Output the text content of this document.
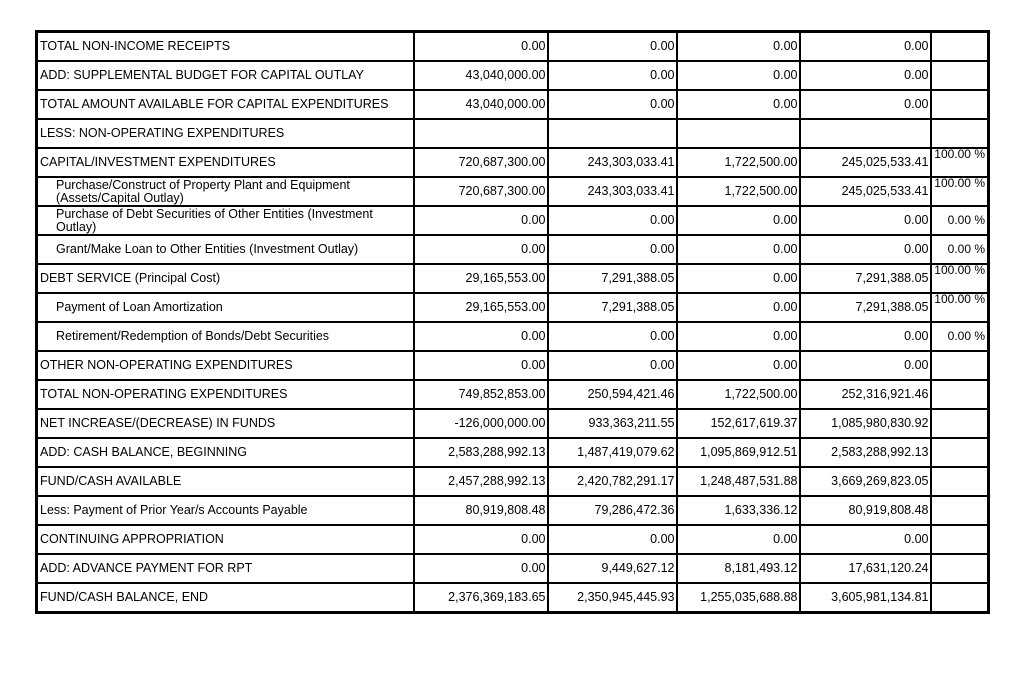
TOTAL NON-INCOME RECEIPTS	0.00	0.00	0.00	0.00	
ADD: SUPPLEMENTAL BUDGET FOR CAPITAL OUTLAY	43,040,000.00	0.00	0.00	0.00	
TOTAL AMOUNT AVAILABLE FOR CAPITAL EXPENDITURES	43,040,000.00	0.00	0.00	0.00	
LESS: NON-OPERATING EXPENDITURES					
CAPITAL/INVESTMENT EXPENDITURES	720,687,300.00	243,303,033.41	1,722,500.00	245,025,533.41	100.00 %
Purchase/Construct of Property Plant and Equipment (Assets/Capital Outlay)	720,687,300.00	243,303,033.41	1,722,500.00	245,025,533.41	100.00 %
Purchase of Debt Securities of Other Entities (Investment Outlay)	0.00	0.00	0.00	0.00	0.00 %
Grant/Make Loan to Other Entities (Investment Outlay)	0.00	0.00	0.00	0.00	0.00 %
DEBT SERVICE (Principal Cost)	29,165,553.00	7,291,388.05	0.00	7,291,388.05	100.00 %
Payment of Loan Amortization	29,165,553.00	7,291,388.05	0.00	7,291,388.05	100.00 %
Retirement/Redemption of Bonds/Debt Securities	0.00	0.00	0.00	0.00	0.00 %
OTHER NON-OPERATING EXPENDITURES	0.00	0.00	0.00	0.00	
TOTAL NON-OPERATING EXPENDITURES	749,852,853.00	250,594,421.46	1,722,500.00	252,316,921.46	
NET INCREASE/(DECREASE) IN FUNDS	-126,000,000.00	933,363,211.55	152,617,619.37	1,085,980,830.92	
ADD: CASH BALANCE, BEGINNING	2,583,288,992.13	1,487,419,079.62	1,095,869,912.51	2,583,288,992.13	
FUND/CASH AVAILABLE	2,457,288,992.13	2,420,782,291.17	1,248,487,531.88	3,669,269,823.05	
Less: Payment of Prior Year/s Accounts Payable	80,919,808.48	79,286,472.36	1,633,336.12	80,919,808.48	
CONTINUING APPROPRIATION	0.00	0.00	0.00	0.00	
ADD: ADVANCE PAYMENT FOR RPT	0.00	9,449,627.12	8,181,493.12	17,631,120.24	
FUND/CASH BALANCE, END	2,376,369,183.65	2,350,945,445.93	1,255,035,688.88	3,605,981,134.81	
